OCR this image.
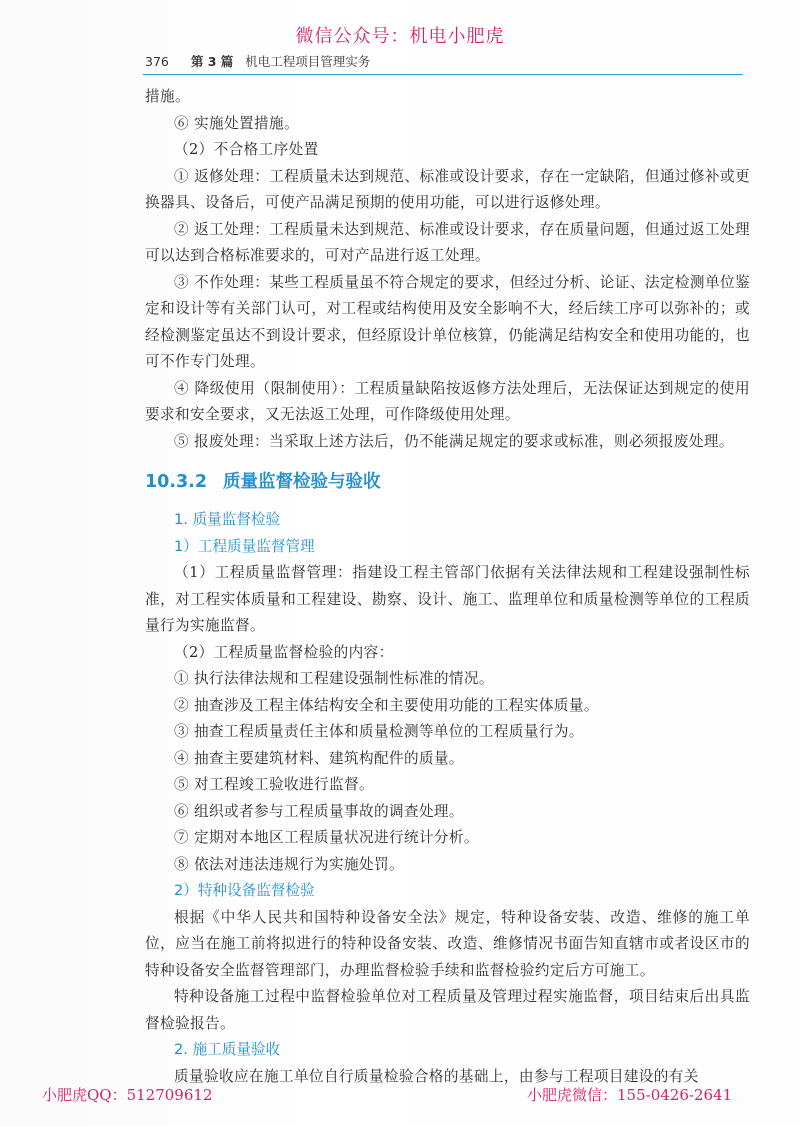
微信公众号：机电小肥虎
376 第 3 篇 机电工程项目管理实务

措施。

⑥ 实施处置措施。

（2）不合格工序处置

① 返修处理：工程质量未达到规范、标准或设计要求，存在一定缺陷，但通过修补或更换器具、设备后，可使产品满足预期的使用功能，可以进行返修处理。

② 返工处理：工程质量未达到规范、标准或设计要求，存在质量问题，但通过返工处理可以达到合格标准要求的，可对产品进行返工处理。

③ 不作处理：某些工程质量虽不符合规定的要求，但经过分析、论证、法定检测单位鉴定和设计等有关部门认可，对工程或结构使用及安全影响不大，经后续工序可以弥补的；或经检测鉴定虽达不到设计要求，但经原设计单位核算，仍能满足结构安全和使用功能的，也可不作专门处理。

④ 降级使用（限制使用）：工程质量缺陷按返修方法处理后，无法保证达到规定的使用要求和安全要求，又无法返工处理，可作降级使用处理。

⑤ 报废处理：当采取上述方法后，仍不能满足规定的要求或标准，则必须报废处理。

10.3.2 质量监督检验与验收
1. 质量监督检验
1）工程质量监督管理

（1）工程质量监督管理：指建设工程主管部门依据有关法律法规和工程建设强制性标准，对工程实体质量和工程建设、勘察、设计、施工、监理单位和质量检测等单位的工程质量行为实施监督。

（2）工程质量监督检验的内容：

① 执行法律法规和工程建设强制性标准的情况。

② 抽查涉及工程主体结构安全和主要使用功能的工程实体质量。

③ 抽查工程质量责任主体和质量检测等单位的工程质量行为。

④ 抽查主要建筑材料、建筑构配件的质量。

⑤ 对工程竣工验收进行监督。

⑥ 组织或者参与工程质量事故的调查处理。

⑦ 定期对本地区工程质量状况进行统计分析。

⑧ 依法对违法违规行为实施处罚。

2）特种设备监督检验

根据《中华人民共和国特种设备安全法》规定，特种设备安装、改造、维修的施工单位，应当在施工前将拟进行的特种设备安装、改造、维修情况书面告知直辖市或者设区市的特种设备安全监督管理部门，办理监督检验手续和监督检验约定后方可施工。

特种设备施工过程中监督检验单位对工程质量及管理过程实施监督，项目结束后出具监督检验报告。

2. 施工质量验收

质量验收应在施工单位自行质量检验合格的基础上，由参与工程项目建设的有关

小肥虎QQ：512709612	小肥虎微信：155-0426-2641
